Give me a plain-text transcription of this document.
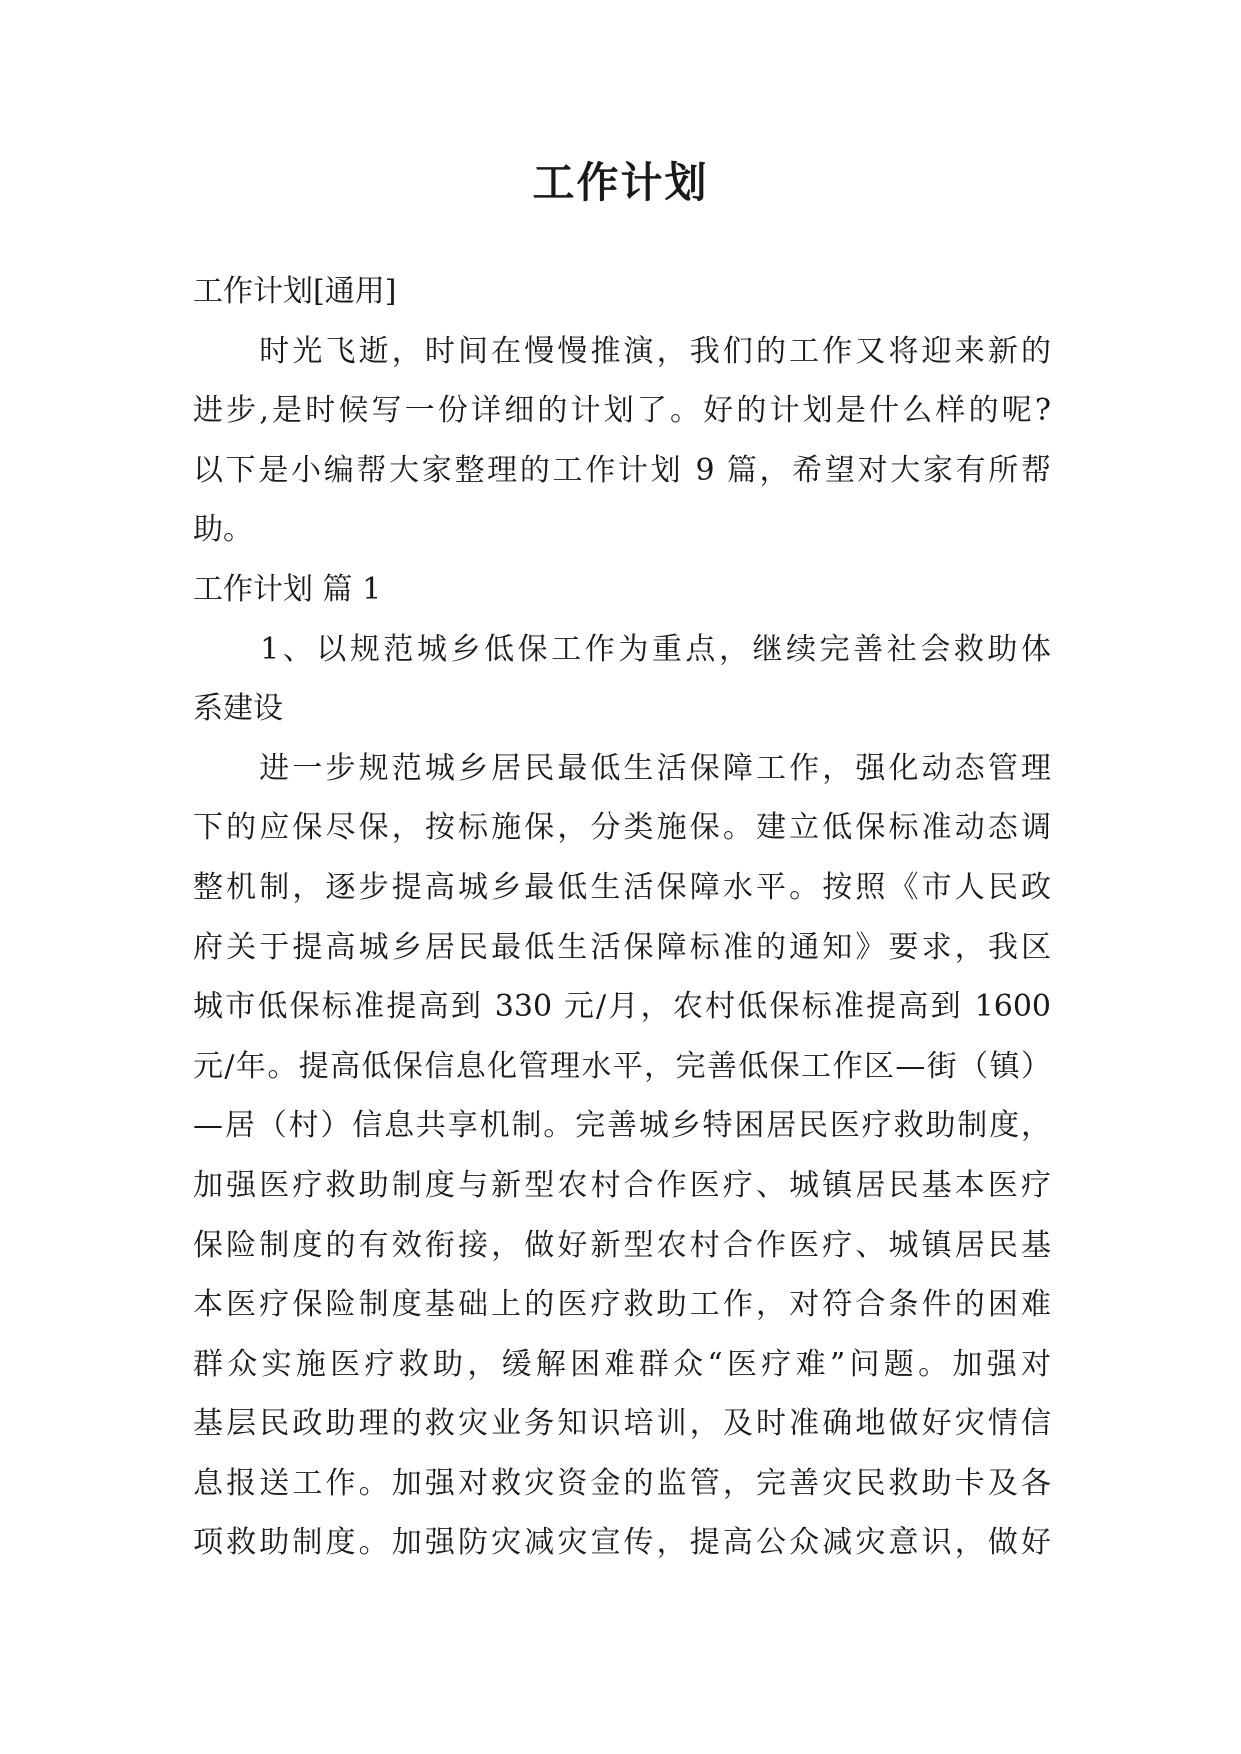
工作计划
工作计划[通用]
　　时光飞逝，时间在慢慢推演，我们的工作又将迎来新的
进步,是时候写一份详细的计划了。好的计划是什么样的呢?
以下是小编帮大家整理的工作计划 9 篇，希望对大家有所帮
助。
工作计划 篇 1
　　1、以规范城乡低保工作为重点，继续完善社会救助体
系建设
　　进一步规范城乡居民最低生活保障工作，强化动态管理
下的应保尽保，按标施保，分类施保。建立低保标准动态调
整机制，逐步提高城乡最低生活保障水平。按照《市人民政
府关于提高城乡居民最低生活保障标准的通知》要求，我区
城市低保标准提高到 330 元/月，农村低保标准提高到 1600
元/年。提高低保信息化管理水平，完善低保工作区—街（镇）
—居（村）信息共享机制。完善城乡特困居民医疗救助制度，
加强医疗救助制度与新型农村合作医疗、城镇居民基本医疗
保险制度的有效衔接，做好新型农村合作医疗、城镇居民基
本医疗保险制度基础上的医疗救助工作，对符合条件的困难
群众实施医疗救助，缓解困难群众“医疗难”问题。加强对
基层民政助理的救灾业务知识培训，及时准确地做好灾情信
息报送工作。加强对救灾资金的监管，完善灾民救助卡及各
项救助制度。加强防灾减灾宣传，提高公众减灾意识，做好
